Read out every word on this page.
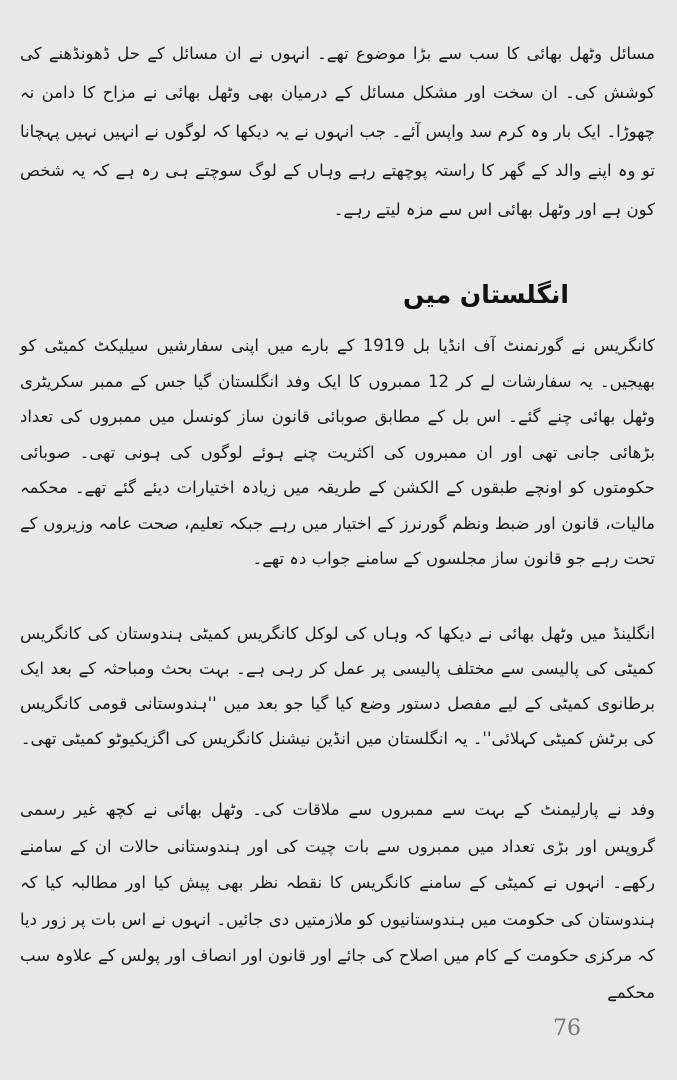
مسائل وٹھل بھائی کا سب سے بڑا موضوع تھے۔ انہوں نے ان مسائل کے حل ڈھونڈھنے کی کوشش کی۔ ان سخت اور مشکل مسائل کے درمیان بھی وٹھل بھائی نے مزاح کا دامن نہ چھوڑا۔ ایک بار وہ کرم سد واپس آئے۔ جب انہوں نے یہ دیکھا کہ لوگوں نے انہیں نہیں پہچانا تو وہ اپنے والد کے گھر کا راستہ پوچھتے رہے وہاں کے لوگ سوچتے ہی رہ ہے کہ یہ شخص کون ہے اور وٹھل بھائی اس سے مزہ لیتے رہے۔

انگلستان میں

کانگریس نے گورنمنٹ آف انڈیا بل 1919 کے بارے میں اپنی سفارشیں سیلیکٹ کمیٹی کو بھیجیں۔ یہ سفارشات لے کر 12 ممبروں کا ایک وفد انگلستان گیا جس کے ممبر سکریٹری وٹھل بھائی چنے گئے۔ اس بل کے مطابق صوبائی قانون ساز کونسل میں ممبروں کی تعداد بڑھائی جانی تھی اور ان ممبروں کی اکثریت چنے ہوئے لوگوں کی ہونی تھی۔ صوبائی حکومتوں کو اونچے طبقوں کے الکشن کے طریقہ میں زیادہ اختیارات دیئے گئے تھے۔ محکمہ مالیات، قانون اور ضبط ونظم گورنرز کے اختیار میں رہے جبکہ تعلیم، صحت عامہ وزیروں کے تحت رہے جو قانون ساز مجلسوں کے سامنے جواب دہ تھے۔

انگلینڈ میں وٹھل بھائی نے دیکھا کہ وہاں کی لوکل کانگریس کمیٹی ہندوستان کی کانگریس کمیٹی کی پالیسی سے مختلف پالیسی پر عمل کر رہی ہے۔ بہت بحث ومباحثہ کے بعد ایک برطانوی کمیٹی کے لیے مفصل دستور وضع کیا گیا جو بعد میں ''ہندوستانی قومی کانگریس کی برٹش کمیٹی کہلائی''۔ یہ انگلستان میں انڈین نیشنل کانگریس کی اگزیکیوٹو کمیٹی تھی۔

وفد نے پارلیمنٹ کے بہت سے ممبروں سے ملاقات کی۔ وٹھل بھائی نے کچھ غیر رسمی گروپس اور بڑی تعداد میں ممبروں سے بات چیت کی اور ہندوستانی حالات ان کے سامنے رکھے۔ انہوں نے کمیٹی کے سامنے کانگریس کا نقطہ نظر بھی پیش کیا اور مطالبہ کیا کہ ہندوستان کی حکومت میں ہندوستانیوں کو ملازمتیں دی جائیں۔ انہوں نے اس بات پر زور دیا کہ مرکزی حکومت کے کام میں اصلاح کی جائے اور قانون اور انصاف اور پولس کے علاوہ سب محکمے

76
